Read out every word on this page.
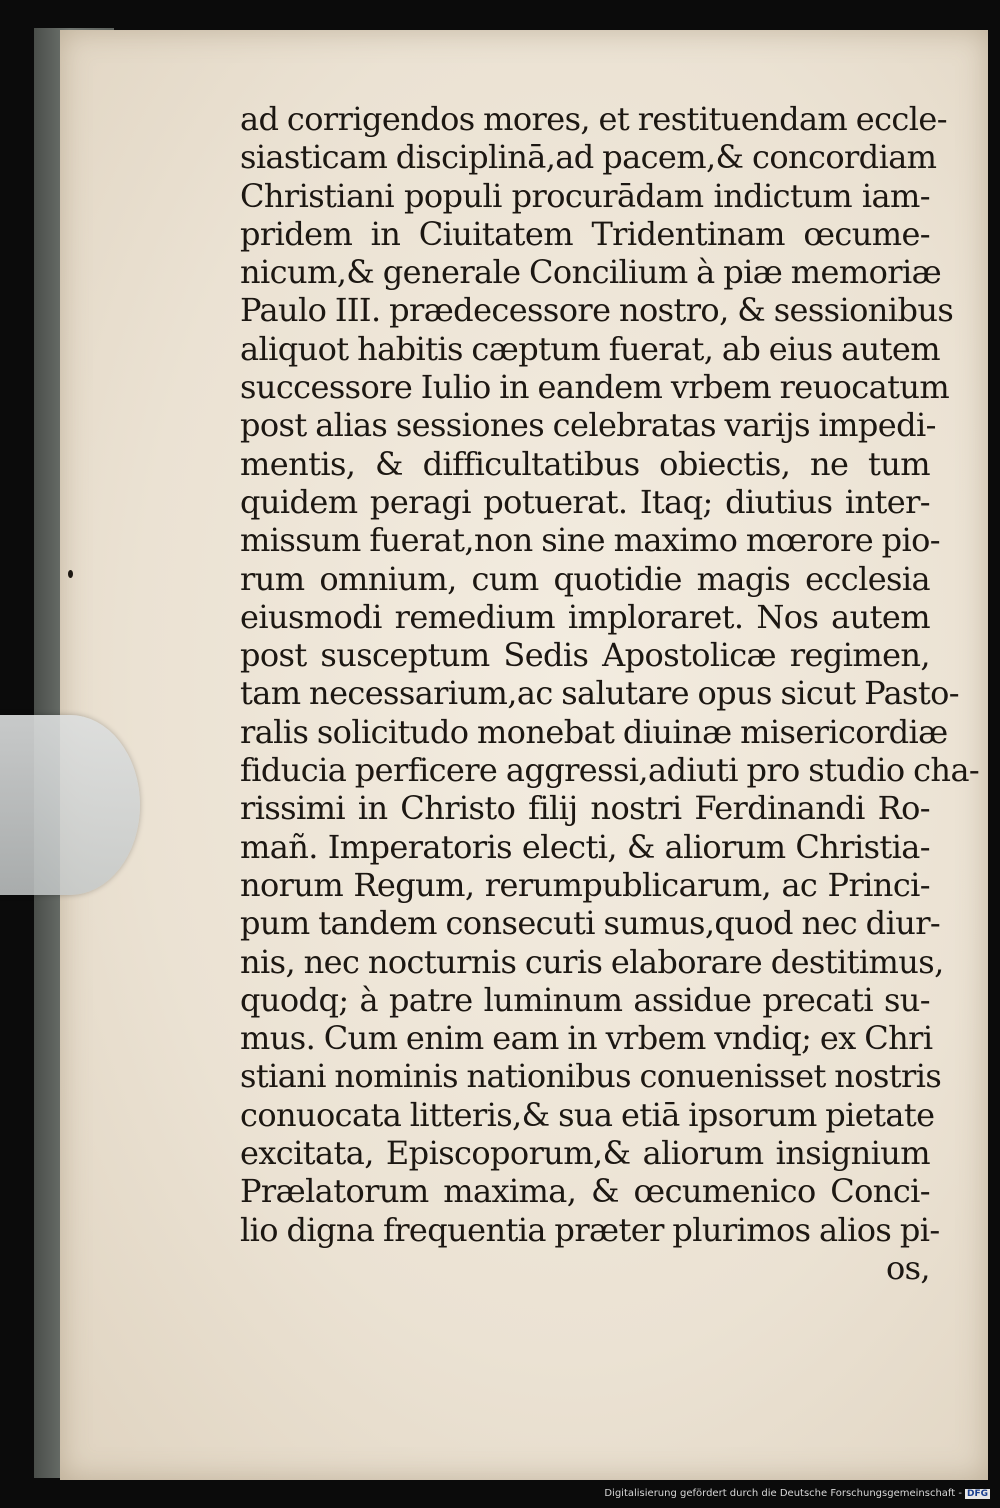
ad corrigendos mores, et restituendam eccle-
siasticam disciplinā,ad pacem,& concordiam
Christiani populi procurādam indictum iam-
pridem in Ciuitatem Tridentinam œcume-
nicum,& generale Concilium à piæ memoriæ
Paulo III. prædecessore nostro, & sessionibus
aliquot habitis cæptum fuerat, ab eius autem
successore Iulio in eandem vrbem reuocatum
post alias sessiones celebratas varijs impedi-
mentis, & difficultatibus obiectis, ne tum
quidem peragi potuerat. Itaq; diutius inter-
missum fuerat,non sine maximo mœrore pio-
rum omnium, cum quotidie magis ecclesia
eiusmodi remedium imploraret. Nos autem
post susceptum Sedis Apostolicæ regimen,
tam necessarium,ac salutare opus sicut Pasto-
ralis solicitudo monebat diuinæ misericordiæ
fiducia perficere aggressi,adiuti pro studio cha-
rissimi in Christo filij nostri Ferdinandi Ro-
mañ. Imperatoris electi, & aliorum Christia-
norum Regum, rerumpublicarum, ac Princi-
pum tandem consecuti sumus,quod nec diur-
nis, nec nocturnis curis elaborare destitimus,
quodq; à patre luminum assidue precati su-
mus. Cum enim eam in vrbem vndiq; ex Chri
stiani nominis nationibus conuenisset nostris
conuocata litteris,& sua etiā ipsorum pietate
excitata, Episcoporum,& aliorum insignium
Prælatorum maxima, & œcumenico Conci-
lio digna frequentia præter plurimos alios pi-
os,
Digitalisierung gefördert durch die Deutsche Forschungsgemeinschaft - DFG
